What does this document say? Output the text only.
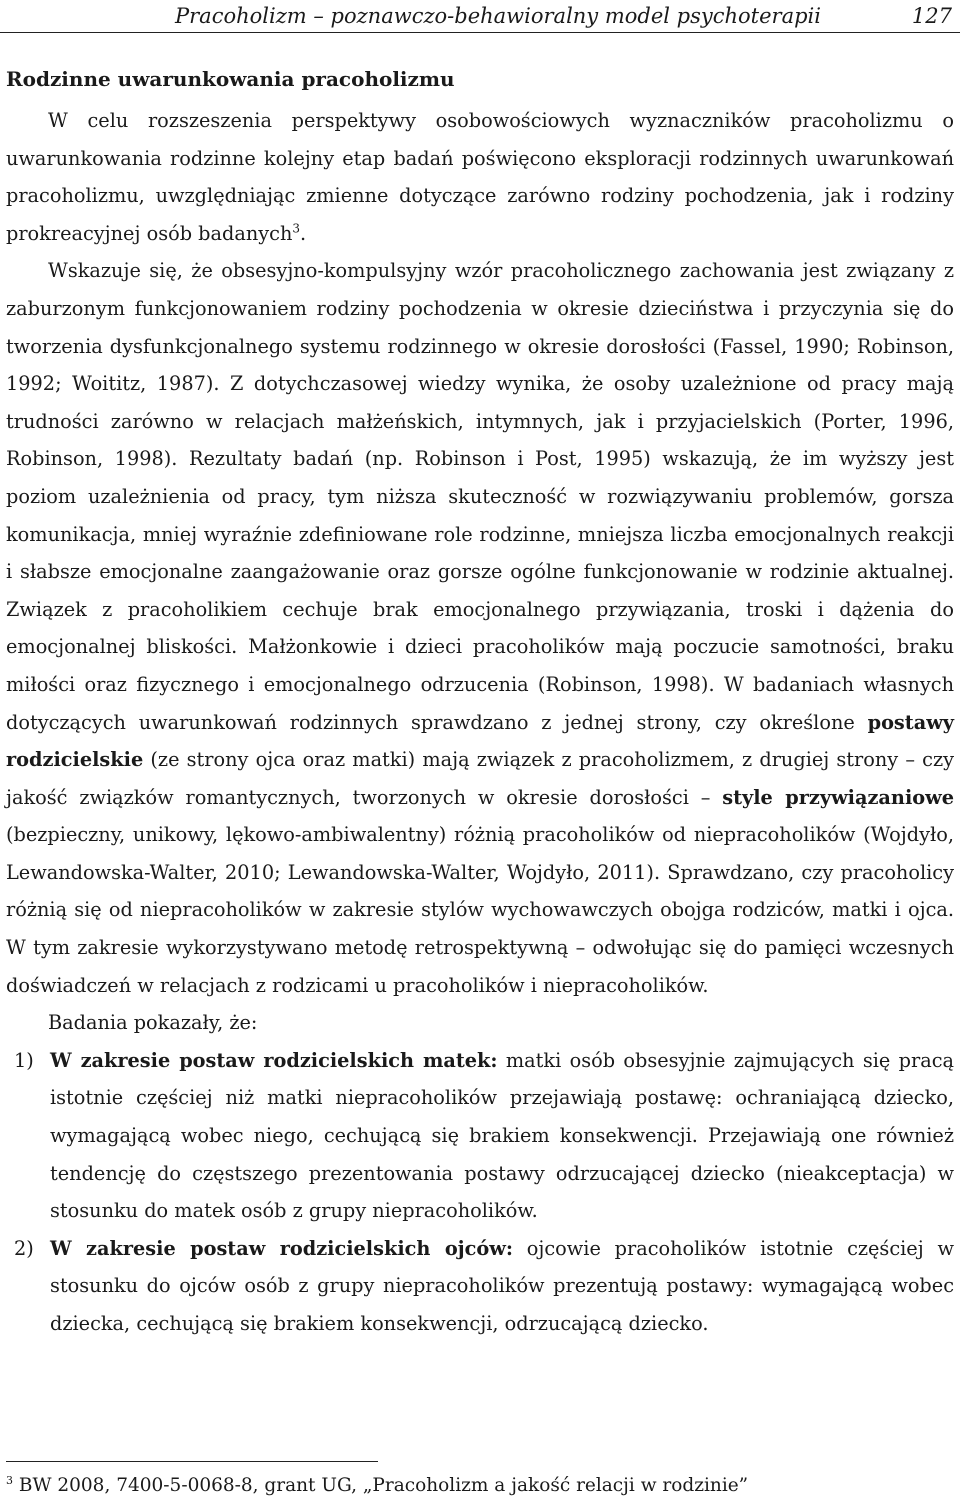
Pracoholizm – poznawczo-behawioralny model psychoterapii	127
Rodzinne uwarunkowania pracoholizmu

W celu rozszeszenia perspektywy osobowościowych wyznaczników pracoholizmu o uwarunkowania rodzinne kolejny etap badań poświęcono eksploracji rodzinnych uwarunkowań pracoholizmu, uwzględniając zmienne dotyczące zarówno rodziny pochodzenia, jak i rodziny prokreacyjnej osób badanych$^3$.

Wskazuje się, że obsesyjno-kompulsyjny wzór pracoholicznego zachowania jest związany z zaburzonym funkcjonowaniem rodziny pochodzenia w okresie dzieciństwa i przyczynia się do tworzenia dysfunkcjonalnego systemu rodzinnego w okresie dorosłości (Fassel, 1990; Robinson, 1992; Woititz, 1987). Z dotychczasowej wiedzy wynika, że osoby uzależnione od pracy mają trudności zarówno w relacjach małżeńskich, intymnych, jak i przyjacielskich (Porter, 1996, Robinson, 1998). Rezultaty badań (np. Robinson i Post, 1995) wskazują, że im wyższy jest poziom uzależnienia od pracy, tym niższa skuteczność w rozwiązywaniu problemów, gorsza komunikacja, mniej wyraźnie zdefiniowane role rodzinne, mniejsza liczba emocjonalnych reakcji i słabsze emocjonalne zaangażowanie oraz gorsze ogólne funkcjonowanie w rodzinie aktualnej. Związek z pracoholikiem cechuje brak emocjonalnego przywiązania, troski i dążenia do emocjonalnej bliskości. Małżonkowie i dzieci pracoholików mają poczucie samotności, braku miłości oraz fizycznego i emocjonalnego odrzucenia (Robinson, 1998). W badaniach własnych dotyczących uwarunkowań rodzinnych sprawdzano z jednej strony, czy określone postawy rodzicielskie (ze strony ojca oraz matki) mają związek z pracoholizmem, z drugiej strony – czy jakość związków romantycznych, tworzonych w okresie dorosłości – style przywiązaniowe (bezpieczny, unikowy, lękowo-ambiwalentny) różnią pracoholików od niepracoholików (Wojdyło, Lewandowska-Walter, 2010; Lewandowska-Walter, Wojdyło, 2011). Sprawdzano, czy pracoholicy różnią się od niepracoholików w zakresie stylów wychowawczych obojga rodziców, matki i ojca. W tym zakresie wykorzystywano metodę retrospektywną – odwołując się do pamięci wczesnych doświadczeń w relacjach z rodzicami u pracoholików i niepracoholików.

Badania pokazały, że:

1) W zakresie postaw rodzicielskich matek: matki osób obsesyjnie zajmujących się pracą istotnie częściej niż matki niepracoholików przejawiają postawę: ochraniającą dziecko, wymagającą wobec niego, cechującą się brakiem konsekwencji. Przejawiają one również tendencję do częstszego prezentowania postawy odrzucającej dziecko (nieakceptacja) w stosunku do matek osób z grupy niepracoholików.
2) W zakresie postaw rodzicielskich ojców: ojcowie pracoholików istotnie częściej w stosunku do ojców osób z grupy niepracoholików prezentują postawy: wymagającą wobec dziecka, cechującą się brakiem konsekwencji, odrzucającą dziecko.
$^3$ BW 2008, 7400-5-0068-8, grant UG, „Pracoholizm a jakość relacji w rodzinie”
